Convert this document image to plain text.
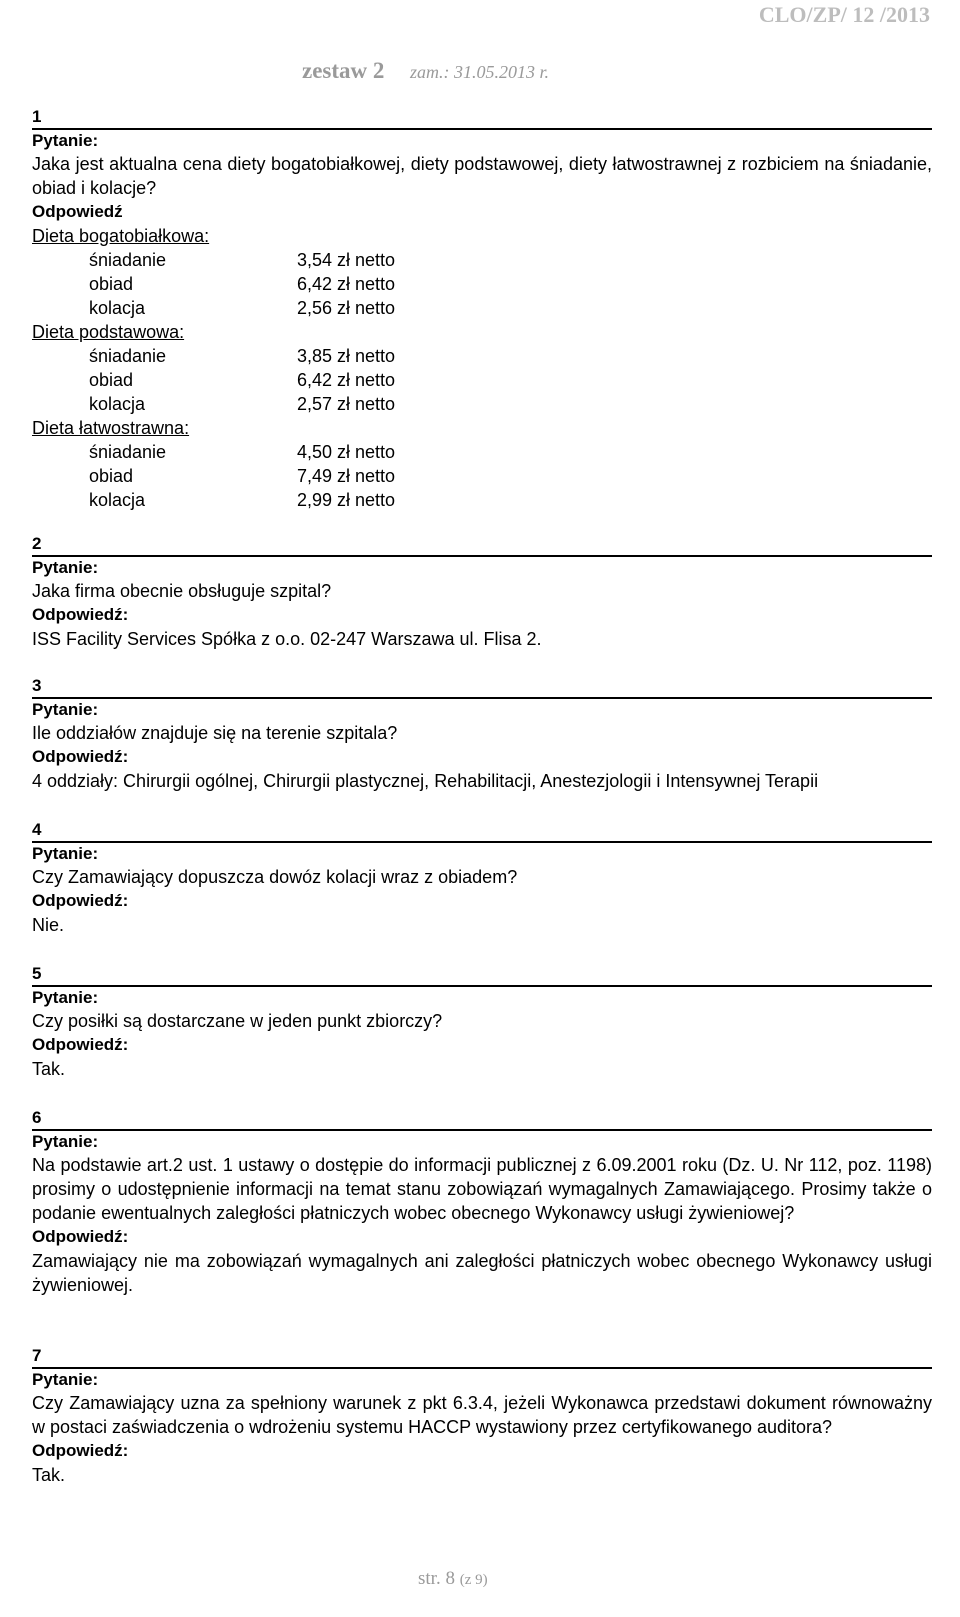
CLO/ZP/ 12 /2013
zestaw 2 zam.: 31.05.2013 r.
1
Pytanie:
Jaka jest aktualna cena diety bogatobiałkowej, diety podstawowej, diety łatwostrawnej z rozbiciem na śniadanie, obiad i kolacje?
Odpowiedź
Dieta bogatobiałkowa:
śniadanie	3,54 zł netto
obiad	6,42 zł netto
kolacja	2,56 zł netto
Dieta podstawowa:
śniadanie	3,85 zł netto
obiad	6,42 zł netto
kolacja	2,57 zł netto
Dieta łatwostrawna:
śniadanie	4,50 zł netto
obiad	7,49 zł netto
kolacja	2,99 zł netto
2
Pytanie:
Jaka firma obecnie obsługuje szpital?
Odpowiedź:
ISS Facility Services Spółka z o.o. 02-247 Warszawa ul. Flisa 2.
3
Pytanie:
Ile oddziałów znajduje się na terenie szpitala?
Odpowiedź:
4 oddziały: Chirurgii ogólnej, Chirurgii plastycznej, Rehabilitacji, Anestezjologii i Intensywnej Terapii
4
Pytanie:
Czy Zamawiający dopuszcza dowóz kolacji wraz z obiadem?
Odpowiedź:
Nie.
5
Pytanie:
Czy posiłki są dostarczane w jeden punkt zbiorczy?
Odpowiedź:
Tak.
6
Pytanie:
Na podstawie art.2 ust. 1 ustawy o dostępie do informacji publicznej z 6.09.2001 roku (Dz. U. Nr 112, poz. 1198) prosimy o udostępnienie informacji na temat stanu zobowiązań wymagalnych Zamawiającego. Prosimy także o podanie ewentualnych zaległości płatniczych wobec obecnego Wykonawcy usługi żywieniowej?
Odpowiedź:
Zamawiający nie ma zobowiązań wymagalnych ani zaległości płatniczych wobec obecnego Wykonawcy usługi żywieniowej.
7
Pytanie:
Czy Zamawiający uzna za spełniony warunek z pkt 6.3.4, jeżeli Wykonawca przedstawi dokument równoważny w postaci zaświadczenia o wdrożeniu systemu HACCP wystawiony przez certyfikowanego auditora?
Odpowiedź:
Tak.
str. 8 (z 9)
